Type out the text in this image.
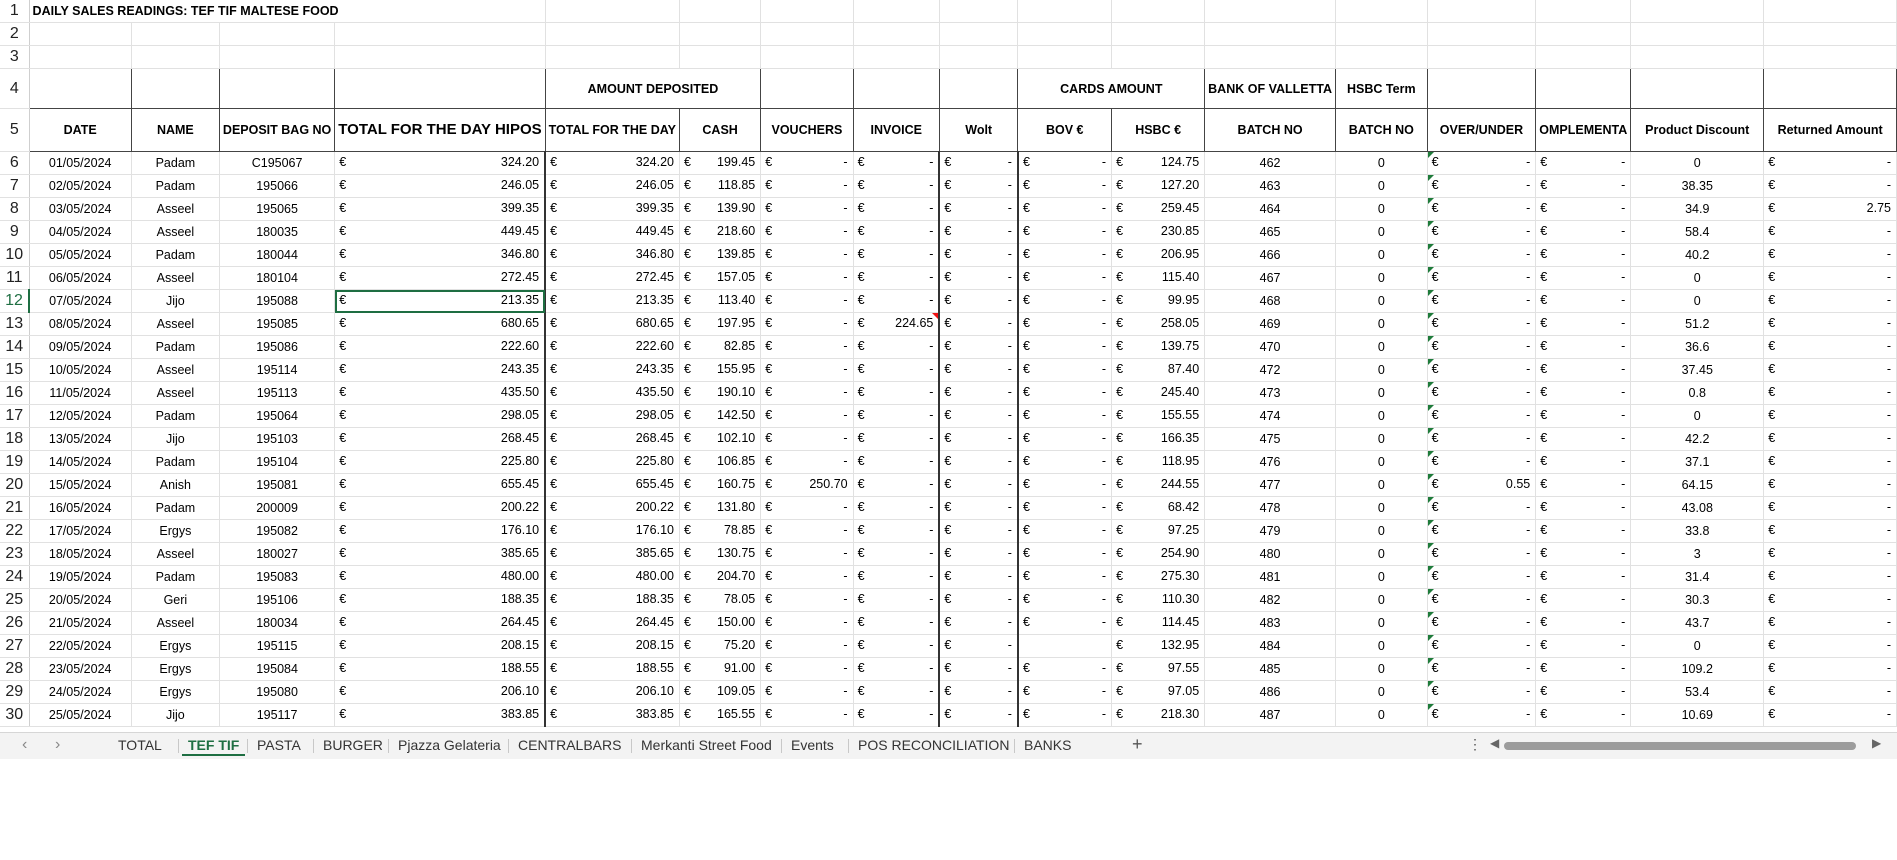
1	DAILY SALES READINGS: TEF TIF MALTESE FOOD																
2																	
3																	
4					AMOUNT DEPOSITED					CARDS AMOUNT		BANK OF VALLETTA	HSBC Term				
5	DATE	NAME	DEPOSIT BAG NO	TOTAL FOR THE DAY HIPOS	TOTAL FOR THE DAY	CASH	VOUCHERS	INVOICE	Wolt	BOV €	HSBC €	BATCH NO	BATCH NO	OVER/UNDER	OMPLEMENTA	Product Discount	Returned Amount
6	01/05/2024	Padam	C195067	€ 324.20	€ 324.20	€ 199.45	€ -	€ -	€ -	€ -	€ 124.75	462	0	€ -	€ -	0	€ -

7	02/05/2024	Padam	195066	€ 246.05	€ 246.05	€ 118.85	€ -	€ -	€ -	€ -	€ 127.20	463	0	€ -	€ -	38.35	€ -

8	03/05/2024	Asseel	195065	€ 399.35	€ 399.35	€ 139.90	€ -	€ -	€ -	€ -	€ 259.45	464	0	€ -	€ -	34.9	€ 2.75

9	04/05/2024	Asseel	180035	€ 449.45	€ 449.45	€ 218.60	€ -	€ -	€ -	€ -	€ 230.85	465	0	€ -	€ -	58.4	€ -

10	05/05/2024	Padam	180044	€ 346.80	€ 346.80	€ 139.85	€ -	€ -	€ -	€ -	€ 206.95	466	0	€ -	€ -	40.2	€ -

11	06/05/2024	Asseel	180104	€ 272.45	€ 272.45	€ 157.05	€ -	€ -	€ -	€ -	€ 115.40	467	0	€ -	€ -	0	€ -

12	07/05/2024	Jijo	195088	€ 213.35	€ 213.35	€ 113.40	€ -	€ -	€ -	€ -	€ 99.95	468	0	€ -	€ -	0	€ -

13	08/05/2024	Asseel	195085	€ 680.65	€ 680.65	€ 197.95	€ -	€ 224.65	€ -	€ -	€ 258.05	469	0	€ -	€ -	51.2	€ -

14	09/05/2024	Padam	195086	€ 222.60	€ 222.60	€ 82.85	€ -	€ -	€ -	€ -	€ 139.75	470	0	€ -	€ -	36.6	€ -

15	10/05/2024	Asseel	195114	€ 243.35	€ 243.35	€ 155.95	€ -	€ -	€ -	€ -	€ 87.40	472	0	€ -	€ -	37.45	€ -

16	11/05/2024	Asseel	195113	€ 435.50	€ 435.50	€ 190.10	€ -	€ -	€ -	€ -	€ 245.40	473	0	€ -	€ -	0.8	€ -

17	12/05/2024	Padam	195064	€ 298.05	€ 298.05	€ 142.50	€ -	€ -	€ -	€ -	€ 155.55	474	0	€ -	€ -	0	€ -

18	13/05/2024	Jijo	195103	€ 268.45	€ 268.45	€ 102.10	€ -	€ -	€ -	€ -	€ 166.35	475	0	€ -	€ -	42.2	€ -

19	14/05/2024	Padam	195104	€ 225.80	€ 225.80	€ 106.85	€ -	€ -	€ -	€ -	€ 118.95	476	0	€ -	€ -	37.1	€ -

20	15/05/2024	Anish	195081	€ 655.45	€ 655.45	€ 160.75	€ 250.70	€ -	€ -	€ -	€ 244.55	477	0	€ 0.55	€ -	64.15	€ -

21	16/05/2024	Padam	200009	€ 200.22	€ 200.22	€ 131.80	€ -	€ -	€ -	€ -	€ 68.42	478	0	€ -	€ -	43.08	€ -

22	17/05/2024	Ergys	195082	€ 176.10	€ 176.10	€ 78.85	€ -	€ -	€ -	€ -	€ 97.25	479	0	€ -	€ -	33.8	€ -

23	18/05/2024	Asseel	180027	€ 385.65	€ 385.65	€ 130.75	€ -	€ -	€ -	€ -	€ 254.90	480	0	€ -	€ -	3	€ -

24	19/05/2024	Padam	195083	€ 480.00	€ 480.00	€ 204.70	€ -	€ -	€ -	€ -	€ 275.30	481	0	€ -	€ -	31.4	€ -

25	20/05/2024	Geri	195106	€ 188.35	€ 188.35	€ 78.05	€ -	€ -	€ -	€ -	€ 110.30	482	0	€ -	€ -	30.3	€ -

26	21/05/2024	Asseel	180034	€ 264.45	€ 264.45	€ 150.00	€ -	€ -	€ -	€ -	€ 114.45	483	0	€ -	€ -	43.7	€ -

27	22/05/2024	Ergys	195115	€ 208.15	€ 208.15	€ 75.20	€ -	€ -	€ -		€ 132.95	484	0	€ -	€ -	0	€ -

28	23/05/2024	Ergys	195084	€ 188.55	€ 188.55	€ 91.00	€ -	€ -	€ -	€ -	€ 97.55	485	0	€ -	€ -	109.2	€ -

29	24/05/2024	Ergys	195080	€ 206.10	€ 206.10	€ 109.05	€ -	€ -	€ -	€ -	€ 97.05	486	0	€ -	€ -	53.4	€ -

30	25/05/2024	Jijo	195117	€ 383.85	€ 383.85	€ 165.55	€ -	€ -	€ -	€ -	€ 218.30	487	0	€ -	€ -	10.69	€ -
‹ ›	TOTAL	TEF TIF	PASTA	BURGER	Pjazza Gelateria	CENTRALBARS	Merkanti Street Food	Events	POS RECONCILIATION	BANKS	+	⋮ ◀	▶
